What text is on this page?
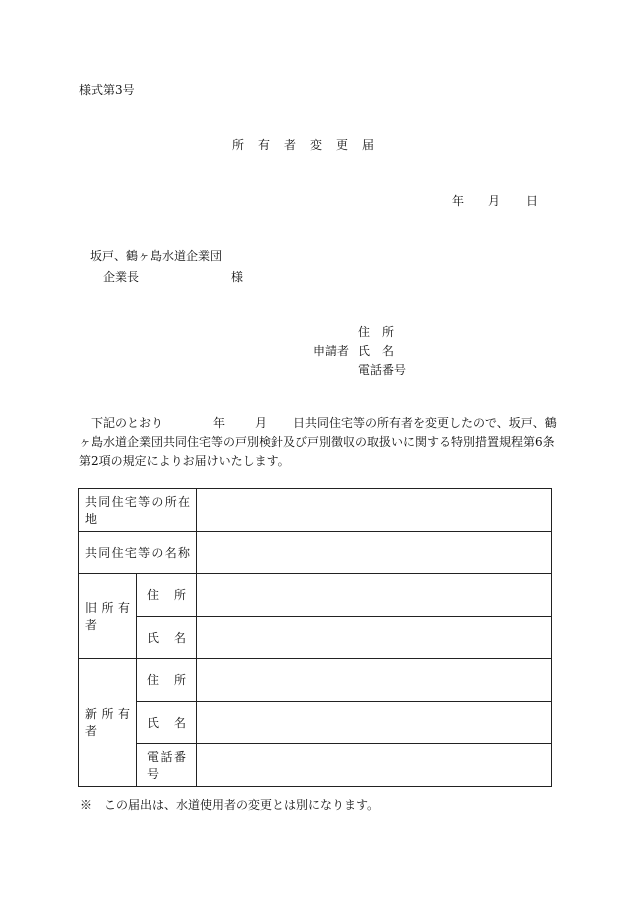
様式第3号
所 有 者 変 更 届
年 月 日
坂戸、鶴ヶ島水道企業団
企業長	様
申請者
住　所
氏　名
電話番号
下記のとおり	年	月 日共同住宅等の所有者を変更したので、坂戸、鶴ヶ島水道企業団共同住宅等の戸別検針及び戸別徴収の取扱いに関する特別措置規程第6条第2項の規定によりお届けいたします。
共同住宅等の所在地		
共同住宅等の名称		
旧所有者	住　所	
	氏　名	
新所有者	住　所	
	氏　名	
	電話番号	
※　この届出は、水道使用者の変更とは別になります。
